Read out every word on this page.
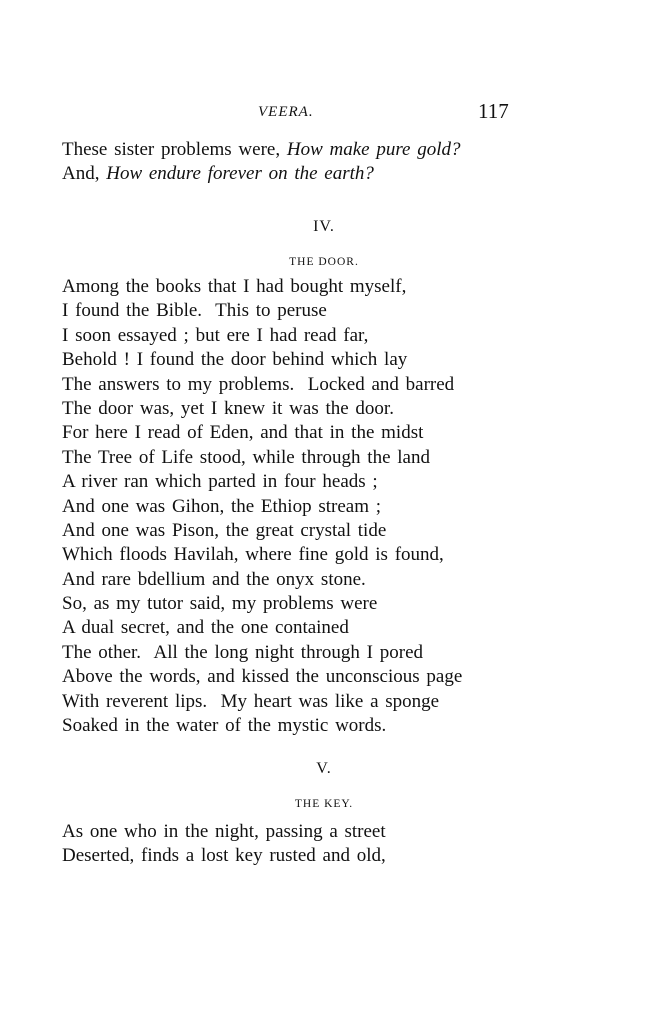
VEERA.	117
These sister problems were, How make pure gold?
And, How endure forever on the earth?
IV.
THE DOOR.
Among the books that I had bought myself,
I found the Bible.  This to peruse
I soon essayed ; but ere I had read far,
Behold ! I found the door behind which lay
The answers to my problems.  Locked and barred
The door was, yet I knew it was the door.
For here I read of Eden, and that in the midst
The Tree of Life stood, while through the land
A river ran which parted in four heads ;
And one was Gihon, the Ethiop stream ;
And one was Pison, the great crystal tide
Which floods Havilah, where fine gold is found,
And rare bdellium and the onyx stone.
So, as my tutor said, my problems were
A dual secret, and the one contained
The other.  All the long night through I pored
Above the words, and kissed the unconscious page
With reverent lips.  My heart was like a sponge
Soaked in the water of the mystic words.
V.
THE KEY.
As one who in the night, passing a street
Deserted, finds a lost key rusted and old,
